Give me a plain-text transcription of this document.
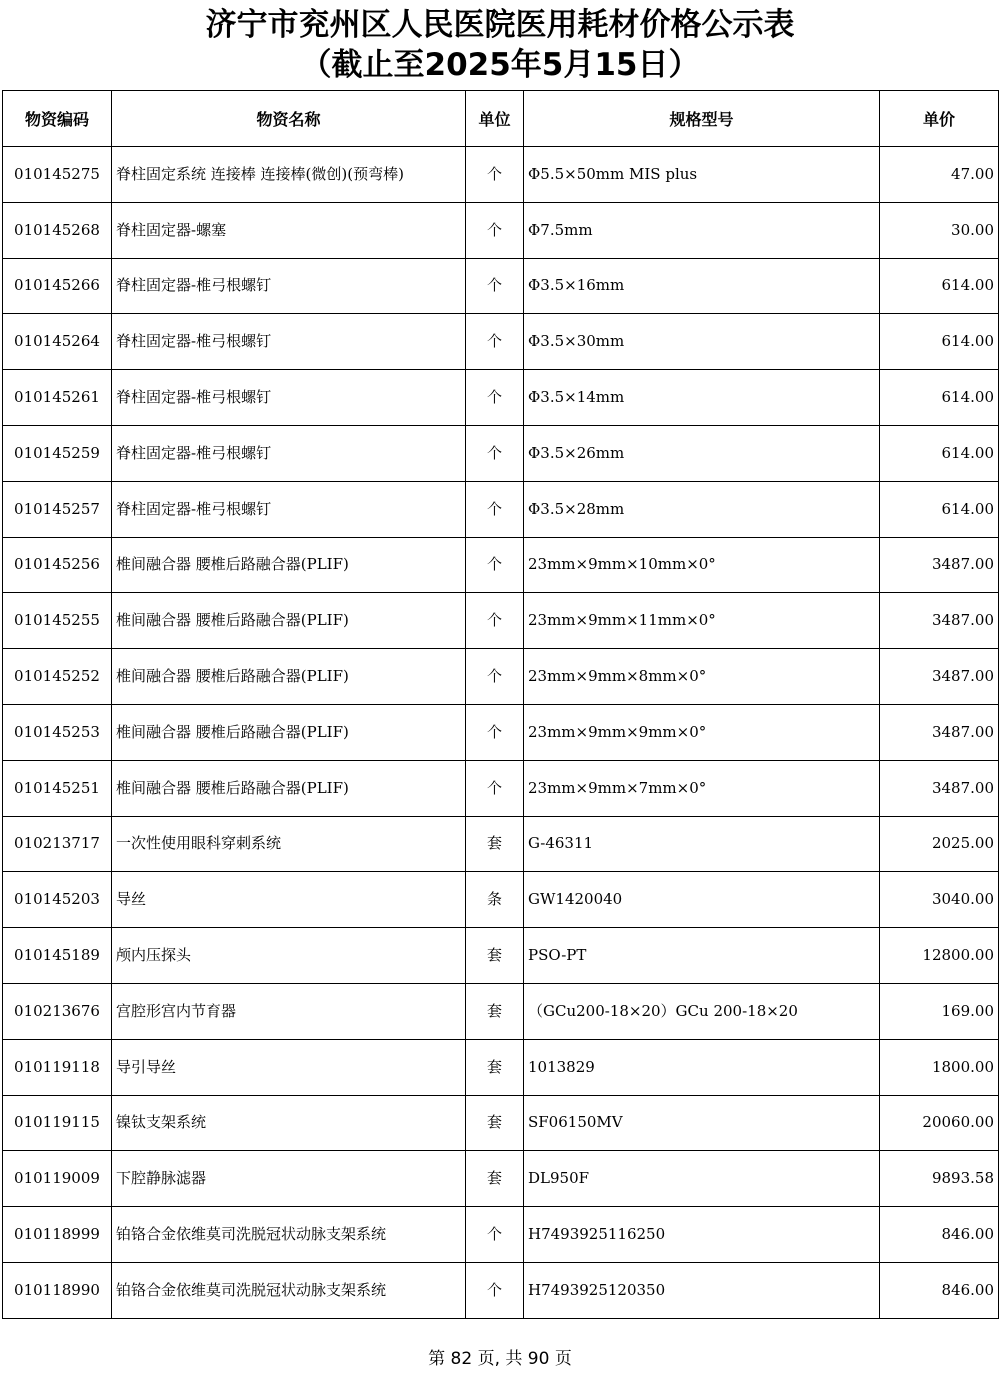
济宁市兖州区人民医院医用耗材价格公示表
（截止至2025年5月15日）
物资编码	物资名称	单位	规格型号	单价
010145275	脊柱固定系统 连接棒 连接棒(微创)(预弯棒)	个	Φ5.5×50mm MIS plus	47.00
010145268	脊柱固定器-螺塞	个	Φ7.5mm	30.00
010145266	脊柱固定器-椎弓根螺钉	个	Φ3.5×16mm	614.00
010145264	脊柱固定器-椎弓根螺钉	个	Φ3.5×30mm	614.00
010145261	脊柱固定器-椎弓根螺钉	个	Φ3.5×14mm	614.00
010145259	脊柱固定器-椎弓根螺钉	个	Φ3.5×26mm	614.00
010145257	脊柱固定器-椎弓根螺钉	个	Φ3.5×28mm	614.00
010145256	椎间融合器 腰椎后路融合器(PLIF)	个	23mm×9mm×10mm×0°	3487.00
010145255	椎间融合器 腰椎后路融合器(PLIF)	个	23mm×9mm×11mm×0°	3487.00
010145252	椎间融合器 腰椎后路融合器(PLIF)	个	23mm×9mm×8mm×0°	3487.00
010145253	椎间融合器 腰椎后路融合器(PLIF)	个	23mm×9mm×9mm×0°	3487.00
010145251	椎间融合器 腰椎后路融合器(PLIF)	个	23mm×9mm×7mm×0°	3487.00
010213717	一次性使用眼科穿刺系统	套	G-46311	2025.00
010145203	导丝	条	GW1420040	3040.00
010145189	颅内压探头	套	PSO-PT	12800.00
010213676	宫腔形宫内节育器	套	（GCu200-18×20）GCu 200-18×20	169.00
010119118	导引导丝	套	1013829	1800.00
010119115	镍钛支架系统	套	SF06150MV	20060.00
010119009	下腔静脉滤器	套	DL950F	9893.58
010118999	铂铬合金依维莫司洗脱冠状动脉支架系统	个	H7493925116250	846.00
010118990	铂铬合金依维莫司洗脱冠状动脉支架系统	个	H7493925120350	846.00
第 82 页, 共 90 页
